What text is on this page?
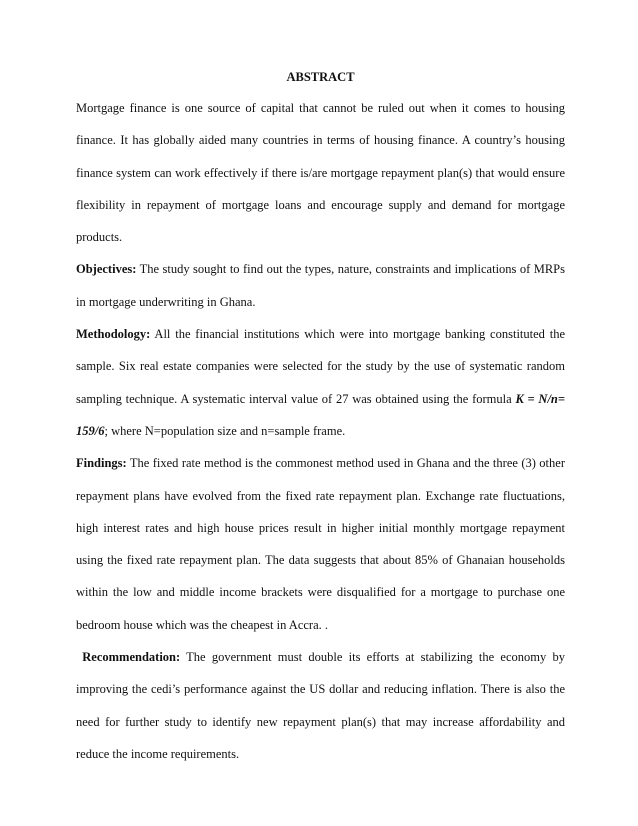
ABSTRACT

Mortgage finance is one source of capital that cannot be ruled out when it comes to housing finance. It has globally aided many countries in terms of housing finance. A country’s housing finance system can work effectively if there is/are mortgage repayment plan(s) that would ensure flexibility in repayment of mortgage loans and encourage supply and demand for mortgage products.

Objectives: The study sought to find out the types, nature, constraints and implications of MRPs in mortgage underwriting in Ghana.

Methodology: All the financial institutions which were into mortgage banking constituted the sample. Six real estate companies were selected for the study by the use of systematic random sampling technique. A systematic interval value of 27 was obtained using the formula K = N/n= 159/6; where N=population size and n=sample frame.

Findings: The fixed rate method is the commonest method used in Ghana and the three (3) other repayment plans have evolved from the fixed rate repayment plan. Exchange rate fluctuations, high interest rates and high house prices result in higher initial monthly mortgage repayment using the fixed rate repayment plan. The data suggests that about 85% of Ghanaian households within the low and middle income brackets were disqualified for a mortgage to purchase one bedroom house which was the cheapest in Accra. .

Recommendation: The government must double its efforts at stabilizing the economy by improving the cedi’s performance against the US dollar and reducing inflation. There is also the need for further study to identify new repayment plan(s) that may increase affordability and reduce the income requirements.
